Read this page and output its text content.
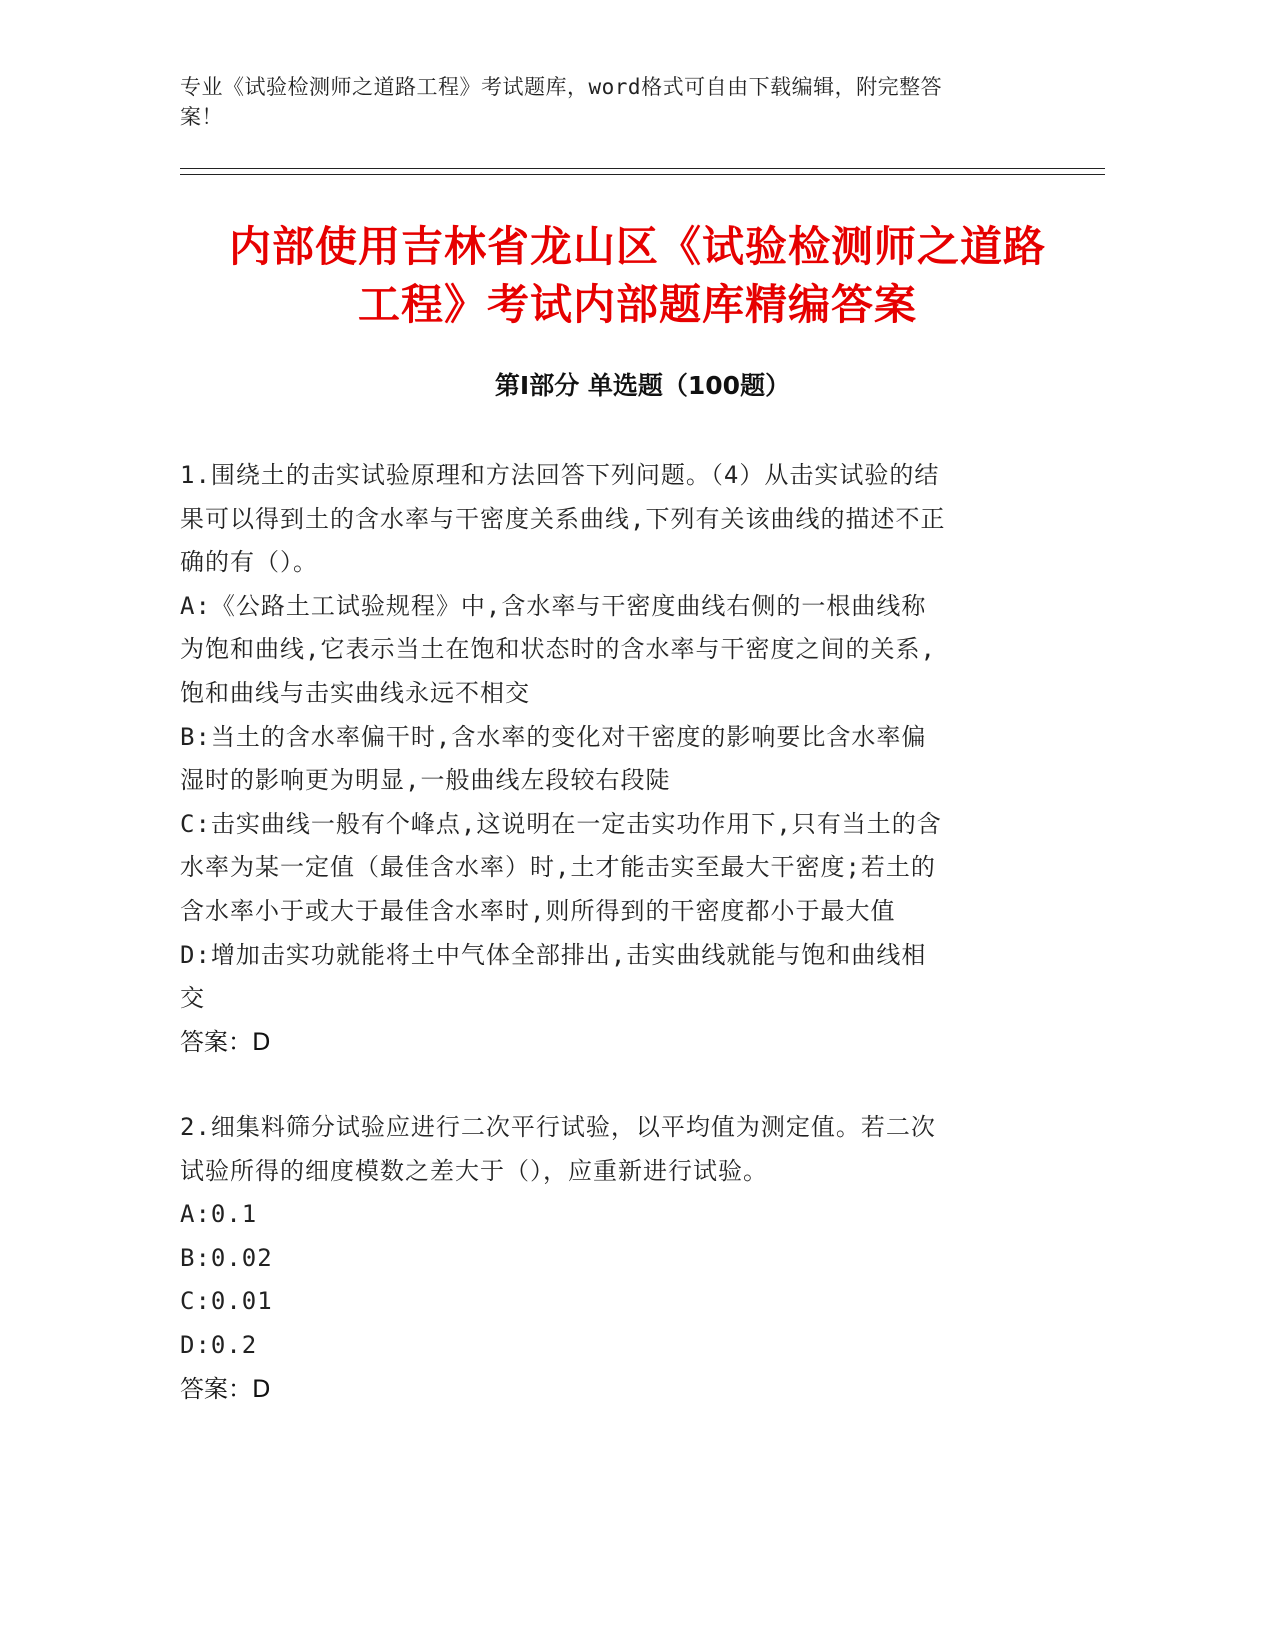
专业《试验检测师之道路工程》考试题库，word格式可自由下载编辑，附完整答
案！
内部使用吉林省龙山区《试验检测师之道路
工程》考试内部题库精编答案
第Ⅰ部分 单选题（100题）
1.围绕土的击实试验原理和方法回答下列问题。（4）从击实试验的结
果可以得到土的含水率与干密度关系曲线,下列有关该曲线的描述不正
确的有（）。
A:《公路土工试验规程》中,含水率与干密度曲线右侧的一根曲线称
为饱和曲线,它表示当土在饱和状态时的含水率与干密度之间的关系,
饱和曲线与击实曲线永远不相交
B:当土的含水率偏干时,含水率的变化对干密度的影响要比含水率偏
湿时的影响更为明显,一般曲线左段较右段陡
C:击实曲线一般有个峰点,这说明在一定击实功作用下,只有当土的含
水率为某一定值（最佳含水率）时,土才能击实至最大干密度;若土的
含水率小于或大于最佳含水率时,则所得到的干密度都小于最大值
D:增加击实功就能将土中气体全部排出,击实曲线就能与饱和曲线相
交
答案：D
2.细集料筛分试验应进行二次平行试验，以平均值为测定值。若二次
试验所得的细度模数之差大于（），应重新进行试验。
A:0.1
B:0.02
C:0.01
D:0.2
答案：D
